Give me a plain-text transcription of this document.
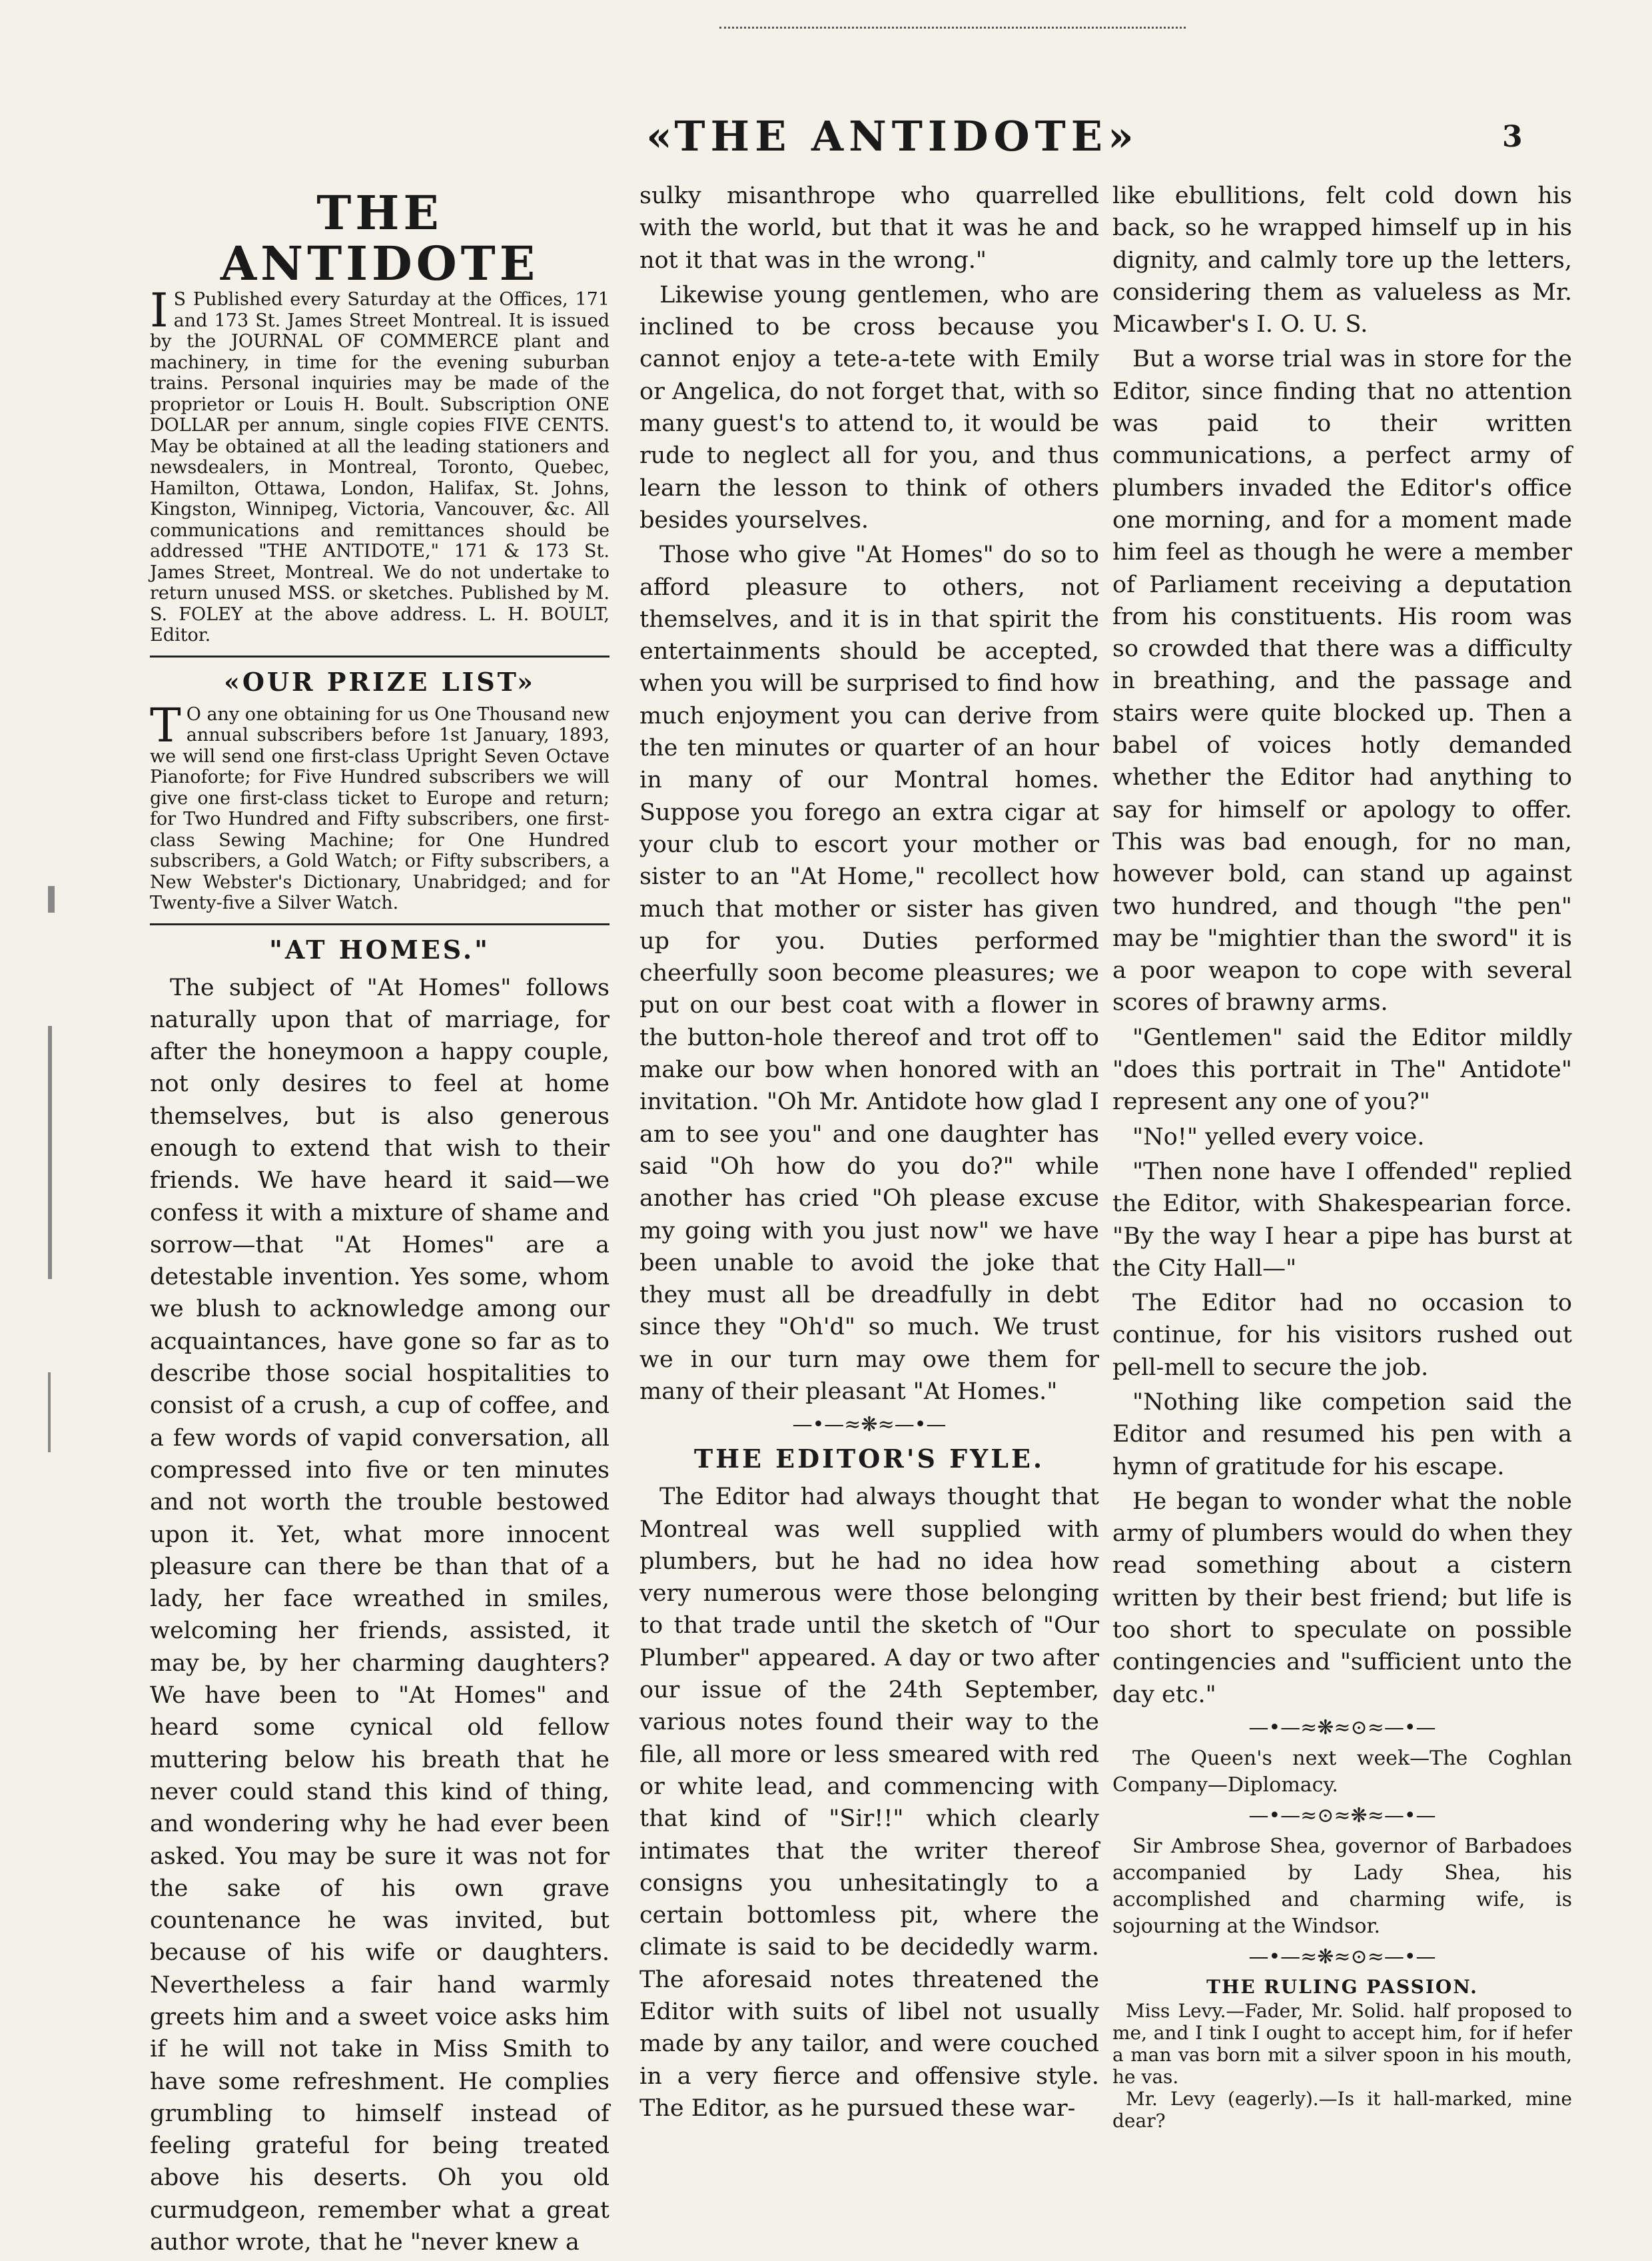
«THE ANTIDOTE»	3
THE ANTIDOTE
I S Published every Saturday at the Offices, 171 and 173 St. James Street Montreal. It is issued by the JOURNAL OF COMMERCE plant and machinery, in time for the evening suburban trains. Personal inquiries may be made of the proprietor or Louis H. Boult. Subscription ONE DOLLAR per annum, single copies FIVE CENTS. May be obtained at all the leading stationers and newsdealers, in Montreal, Toronto, Quebec, Hamilton, Ottawa, London, Halifax, St. Johns, Kingston, Winnipeg, Victoria, Vancouver, &c. All communications and remittances should be addressed "THE ANTIDOTE," 171 & 173 St. James Street, Montreal. We do not undertake to return unused MSS. or sketches. Published by M. S. FOLEY at the above address. L. H. BOULT, Editor.

«OUR PRIZE LIST»
T O any one obtaining for us One Thousand new annual subscribers before 1st January, 1893, we will send one first-class Upright Seven Octave Pianoforte; for Five Hundred subscribers we will give one first-class ticket to Europe and return; for Two Hundred and Fifty subscribers, one first-class Sewing Machine; for One Hundred subscribers, a Gold Watch; or Fifty subscribers, a New Webster's Dictionary, Unabridged; and for Twenty-five a Silver Watch.

"AT HOMES."

The subject of "At Homes" follows naturally upon that of marriage, for after the honeymoon a happy couple, not only desires to feel at home themselves, but is also generous enough to extend that wish to their friends. We have heard it said—we confess it with a mixture of shame and sorrow—that "At Homes" are a detestable invention. Yes some, whom we blush to acknowledge among our acquaintances, have gone so far as to describe those social hospitalities to consist of a crush, a cup of coffee, and a few words of vapid conversation, all compressed into five or ten minutes and not worth the trouble bestowed upon it. Yet, what more innocent pleasure can there be than that of a lady, her face wreathed in smiles, welcoming her friends, assisted, it may be, by her charming daughters? We have been to "At Homes" and heard some cynical old fellow muttering below his breath that he never could stand this kind of thing, and wondering why he had ever been asked. You may be sure it was not for the sake of his own grave countenance he was invited, but because of his wife or daughters. Nevertheless a fair hand warmly greets him and a sweet voice asks him if he will not take in Miss Smith to have some refreshment. He complies grumbling to himself instead of feeling grateful for being treated above his deserts. Oh you old curmudgeon, remember what a great author wrote, that he "never knew a

sulky misanthrope who quarrelled with the world, but that it was he and not it that was in the wrong."

Likewise young gentlemen, who are inclined to be cross because you cannot enjoy a tete-a-tete with Emily or Angelica, do not forget that, with so many guest's to attend to, it would be rude to neglect all for you, and thus learn the lesson to think of others besides yourselves.

Those who give "At Homes" do so to afford pleasure to others, not themselves, and it is in that spirit the entertainments should be accepted, when you will be surprised to find how much enjoyment you can derive from the ten minutes or quarter of an hour in many of our Montral homes. Suppose you forego an extra cigar at your club to escort your mother or sister to an "At Home," recollect how much that mother or sister has given up for you. Duties performed cheerfully soon become pleasures; we put on our best coat with a flower in the button-hole thereof and trot off to make our bow when honored with an invitation. "Oh Mr. Antidote how glad I am to see you" and one daughter has said "Oh how do you do?" while another has cried "Oh please excuse my going with you just now" we have been unable to avoid the joke that they must all be dreadfully in debt since they "Oh'd" so much. We trust we in our turn may owe them for many of their pleasant "At Homes."

—•—≈❋≈—•—
THE EDITOR'S FYLE.

The Editor had always thought that Montreal was well supplied with plumbers, but he had no idea how very numerous were those belonging to that trade until the sketch of "Our Plumber" appeared. A day or two after our issue of the 24th September, various notes found their way to the file, all more or less smeared with red or white lead, and commencing with that kind of "Sir!!" which clearly intimates that the writer thereof consigns you unhesitatingly to a certain bottomless pit, where the climate is said to be decidedly warm. The aforesaid notes threatened the Editor with suits of libel not usually made by any tailor, and were couched in a very fierce and offensive style. The Editor, as he pursued these war-

like ebullitions, felt cold down his back, so he wrapped himself up in his dignity, and calmly tore up the letters, considering them as valueless as Mr. Micawber's I. O. U. S.

But a worse trial was in store for the Editor, since finding that no attention was paid to their written communications, a perfect army of plumbers invaded the Editor's office one morning, and for a moment made him feel as though he were a member of Parliament receiving a deputation from his constituents. His room was so crowded that there was a difficulty in breathing, and the passage and stairs were quite blocked up. Then a babel of voices hotly demanded whether the Editor had anything to say for himself or apology to offer. This was bad enough, for no man, however bold, can stand up against two hundred, and though "the pen" may be "mightier than the sword" it is a poor weapon to cope with several scores of brawny arms.

"Gentlemen" said the Editor mildly "does this portrait in The" Antidote" represent any one of you?"

"No!" yelled every voice.

"Then none have I offended" replied the Editor, with Shakespearian force. "By the way I hear a pipe has burst at the City Hall—"

The Editor had no occasion to continue, for his visitors rushed out pell-mell to secure the job.

"Nothing like competion said the Editor and resumed his pen with a hymn of gratitude for his escape.

He began to wonder what the noble army of plumbers would do when they read something about a cistern written by their best friend; but life is too short to speculate on possible contingencies and "sufficient unto the day etc."

—•—≈❋≈⊙≈—•—

The Queen's next week—The Coghlan Company—Diplomacy.

—•—≈⊙≈❋≈—•—

Sir Ambrose Shea, governor of Barbadoes accompanied by Lady Shea, his accomplished and charming wife, is sojourning at the Windsor.

—•—≈❋≈⊙≈—•—
THE RULING PASSION.

Miss Levy.—Fader, Mr. Solid. half proposed to me, and I tink I ought to accept him, for if hefer a man vas born mit a silver spoon in his mouth, he vas.

Mr. Levy (eagerly).—Is it hall-marked, mine dear?
